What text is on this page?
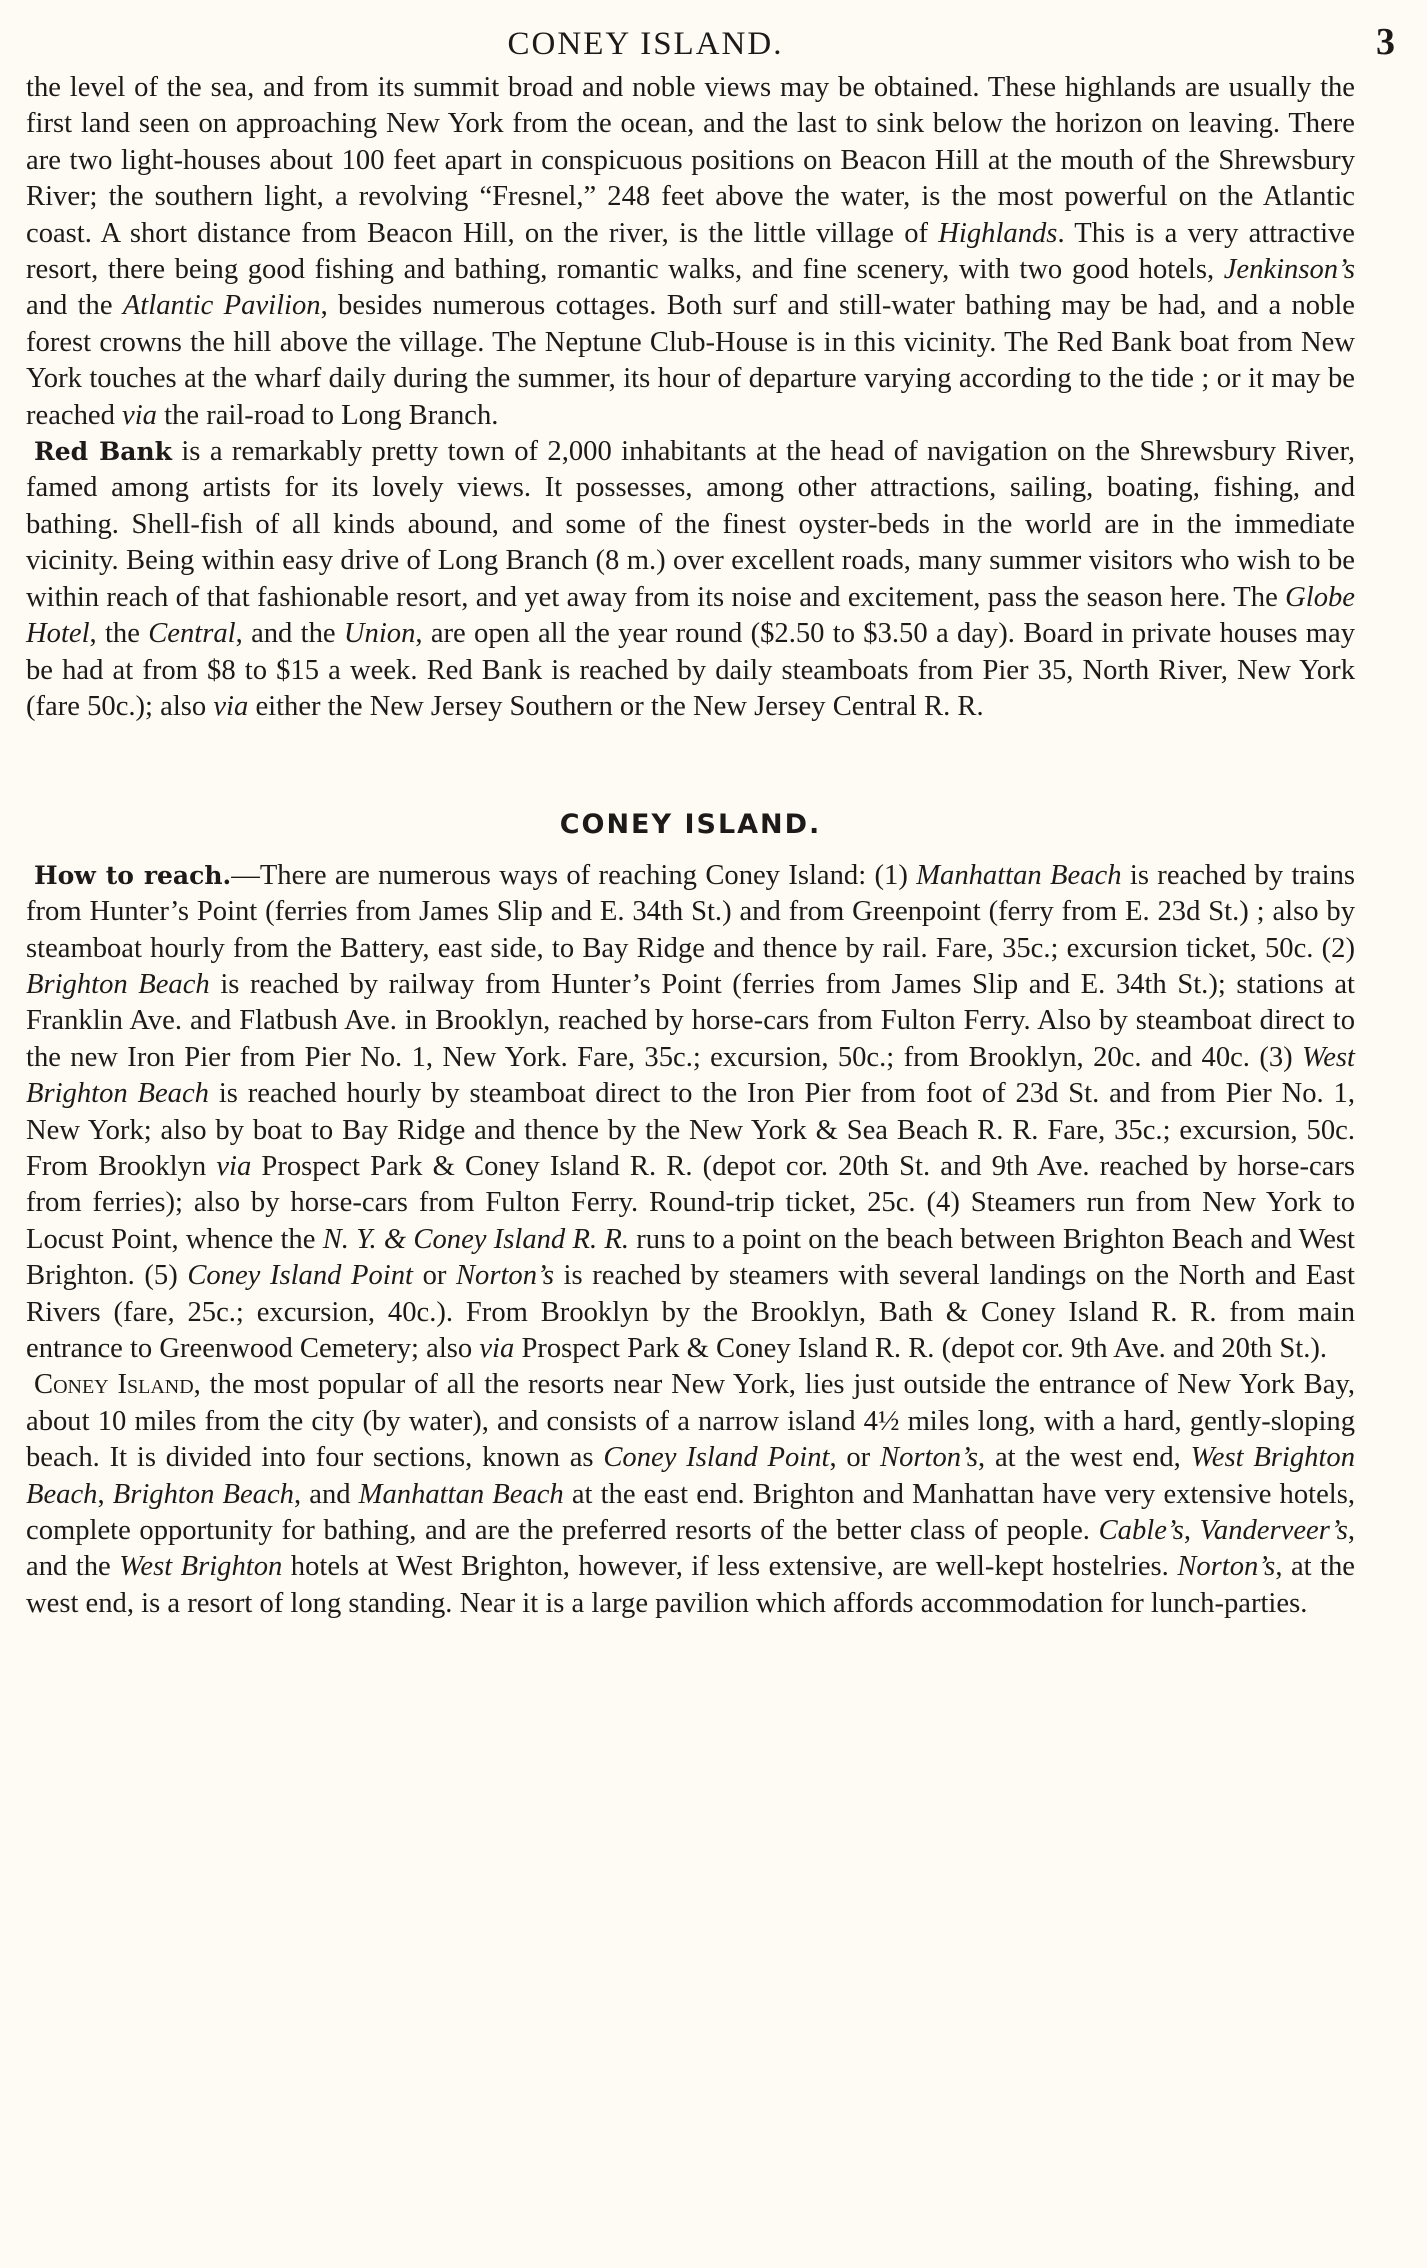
CONEY ISLAND.	3

the level of the sea, and from its summit broad and noble views may be obtained. These highlands are usually the first land seen on approaching New York from the ocean, and the last to sink below the horizon on leaving. There are two light-houses about 100 feet apart in conspicuous positions on Beacon Hill at the mouth of the Shrewsbury River; the southern light, a revolving “Fresnel,” 248 feet above the water, is the most powerful on the Atlantic coast. A short distance from Beacon Hill, on the river, is the little village of Highlands. This is a very attractive resort, there being good fishing and bathing, romantic walks, and fine scenery, with two good hotels, Jenkinson’s and the Atlantic Pavilion, besides numerous cottages. Both surf and still-water bathing may be had, and a noble forest crowns the hill above the village. The Neptune Club-House is in this vicinity. The Red Bank boat from New York touches at the wharf daily during the summer, its hour of departure varying according to the tide ; or it may be reached via the rail-road to Long Branch.

Red Bank is a remarkably pretty town of 2,000 inhabitants at the head of navigation on the Shrewsbury River, famed among artists for its lovely views. It possesses, among other attractions, sailing, boating, fishing, and bathing. Shell-fish of all kinds abound, and some of the finest oyster-beds in the world are in the immediate vicinity. Being within easy drive of Long Branch (8 m.) over excellent roads, many summer visitors who wish to be within reach of that fashionable resort, and yet away from its noise and excitement, pass the season here. The Globe Hotel, the Central, and the Union, are open all the year round ($2.50 to $3.50 a day). Board in private houses may be had at from $8 to $15 a week. Red Bank is reached by daily steamboats from Pier 35, North River, New York (fare 50c.); also via either the New Jersey Southern or the New Jersey Central R. R.

CONEY ISLAND.

How to reach.—There are numerous ways of reaching Coney Island: (1) Manhattan Beach is reached by trains from Hunter’s Point (ferries from James Slip and E. 34th St.) and from Greenpoint (ferry from E. 23d St.) ; also by steamboat hourly from the Battery, east side, to Bay Ridge and thence by rail. Fare, 35c.; excursion ticket, 50c. (2) Brighton Beach is reached by railway from Hunter’s Point (ferries from James Slip and E. 34th St.); stations at Franklin Ave. and Flatbush Ave. in Brooklyn, reached by horse-cars from Fulton Ferry. Also by steamboat direct to the new Iron Pier from Pier No. 1, New York. Fare, 35c.; excursion, 50c.; from Brooklyn, 20c. and 40c. (3) West Brighton Beach is reached hourly by steamboat direct to the Iron Pier from foot of 23d St. and from Pier No. 1, New York; also by boat to Bay Ridge and thence by the New York & Sea Beach R. R. Fare, 35c.; excursion, 50c. From Brooklyn via Prospect Park & Coney Island R. R. (depot cor. 20th St. and 9th Ave. reached by horse-cars from ferries); also by horse-cars from Fulton Ferry. Round-trip ticket, 25c. (4) Steamers run from New York to Locust Point, whence the N. Y. & Coney Island R. R. runs to a point on the beach between Brighton Beach and West Brighton. (5) Coney Island Point or Norton’s is reached by steamers with several landings on the North and East Rivers (fare, 25c.; excursion, 40c.). From Brooklyn by the Brooklyn, Bath & Coney Island R. R. from main entrance to Greenwood Cemetery; also via Prospect Park & Coney Island R. R. (depot cor. 9th Ave. and 20th St.).

Coney Island, the most popular of all the resorts near New York, lies just outside the entrance of New York Bay, about 10 miles from the city (by water), and consists of a narrow island 4½ miles long, with a hard, gently-sloping beach. It is divided into four sections, known as Coney Island Point, or Norton’s, at the west end, West Brighton Beach, Brighton Beach, and Manhattan Beach at the east end. Brighton and Manhattan have very extensive hotels, complete opportunity for bathing, and are the preferred resorts of the better class of people. Cable’s, Vanderveer’s, and the West Brighton hotels at West Brighton, however, if less extensive, are well-kept hostelries. Norton’s, at the west end, is a resort of long standing. Near it is a large pavilion which affords accommodation for lunch-parties.
